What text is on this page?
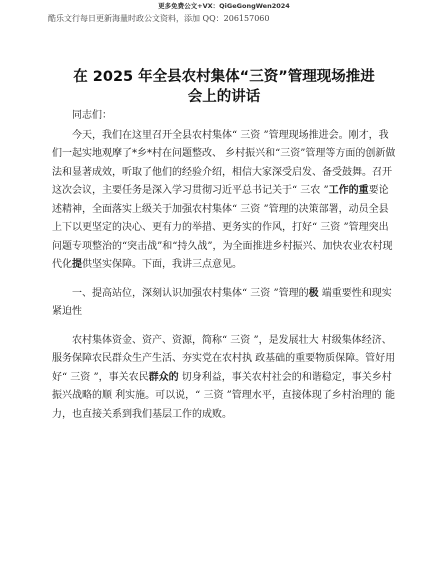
更多免费公文+VX：QiGeGongWen2024
酷乐文行每日更新海量时政公文资料，添加 QQ：206157060
在 2025 年全县农村集体“三资”管理现场推进
会上的讲话

同志们：

今天，我们在这里召开全县农村集体“ 三资 ”管理现场推进会。刚才，我们一起实地观摩了*乡*村在问题整改、 乡村振兴和“三资”管理等方面的创新做法和显著成效，听取了他们的经验介绍，相信大家深受启发、备受鼓舞。召开这次会议，主要任务是深入学习贯彻习近平总书记关于“ 三农 ”工作的重要论述精神，全面落实上级关于加强农村集体“ 三资 ”管理的决策部署，动员全县上下以更坚定的决心、更有力的举措、更务实的作风，打好“ 三资 ”管理突出问题专项整治的“突击战”和“持久战”，为全面推进乡村振兴、加快农业农村现代化提供坚实保障。下面，我讲三点意见。

一、提高站位，深刻认识加强农村集体“ 三资 ”管理的极 端重要性和现实紧迫性

农村集体资金、资产、资源，简称“ 三资 ”，是发展壮大 村级集体经济、服务保障农民群众生产生活、夯实党在农村执 政基础的重要物质保障。管好用好“ 三资 ”，事关农民群众的 切身利益，事关农村社会的和谐稳定，事关乡村振兴战略的顺 利实施。可以说，“ 三资 ”管理水平，直接体现了乡村治理的 能力，也直接关系到我们基层工作的成败。
